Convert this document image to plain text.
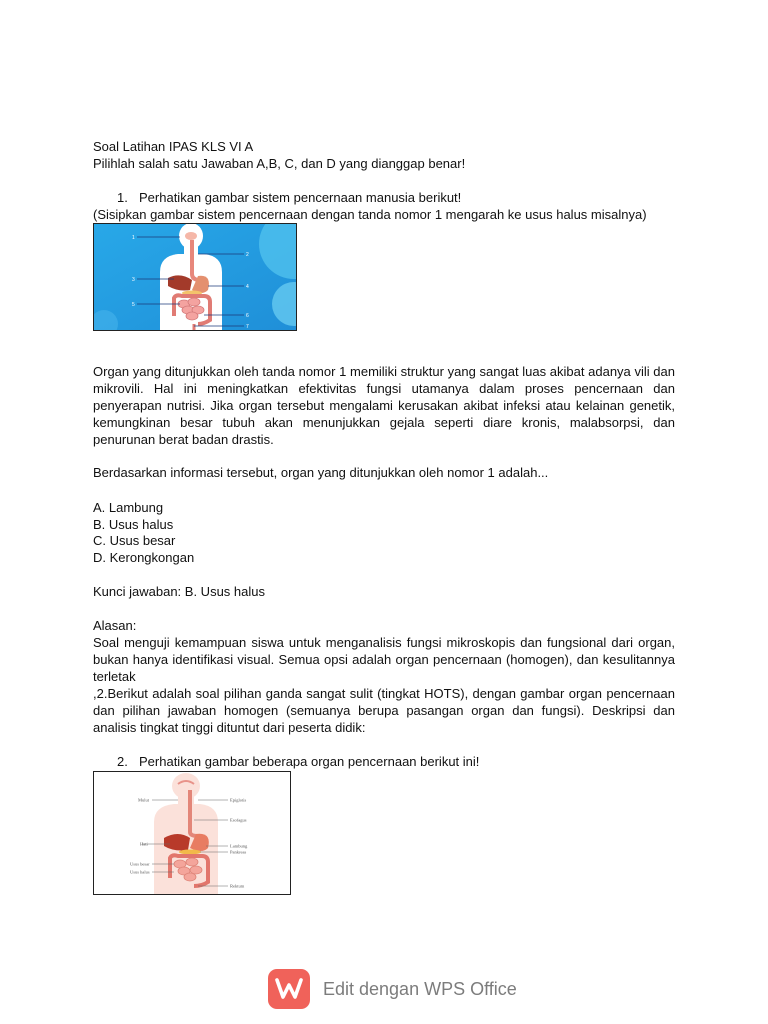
Soal Latihan IPAS KLS VI A
Pilihlah salah satu Jawaban A,B, C, dan D yang dianggap benar!
1. Perhatikan gambar sistem pencernaan manusia berikut!
(Sisipkan gambar sistem pencernaan dengan tanda nomor 1 mengarah ke usus halus misalnya)
1
2
3
4
5
6
7
Organ yang ditunjukkan oleh tanda nomor 1 memiliki struktur yang sangat luas akibat adanya vili dan mikrovili. Hal ini meningkatkan efektivitas fungsi utamanya dalam proses pencernaan dan penyerapan nutrisi. Jika organ tersebut mengalami kerusakan akibat infeksi atau kelainan genetik, kemungkinan besar tubuh akan menunjukkan gejala seperti diare kronis, malabsorpsi, dan penurunan berat badan drastis.
Berdasarkan informasi tersebut, organ yang ditunjukkan oleh nomor 1 adalah...
A. Lambung
B. Usus halus
C. Usus besar
D. Kerongkongan
Kunci jawaban: B. Usus halus
Alasan:
Soal menguji kemampuan siswa untuk menganalisis fungsi mikroskopis dan fungsional dari organ, bukan hanya identifikasi visual. Semua opsi adalah organ pencernaan (homogen), dan kesulitannya terletak
,2.Berikut adalah soal pilihan ganda sangat sulit (tingkat HOTS), dengan gambar organ pencernaan dan pilihan jawaban homogen (semuanya berupa pasangan organ dan fungsi). Deskripsi dan analisis tingkat tinggi dituntut dari peserta didik:
2. Perhatikan gambar beberapa organ pencernaan berikut ini!
Mulut
Hati
Usus besar
Usus halus
Epiglotis
Esofagus
Lambung
Pankreas
Rektum
Edit dengan WPS Office
